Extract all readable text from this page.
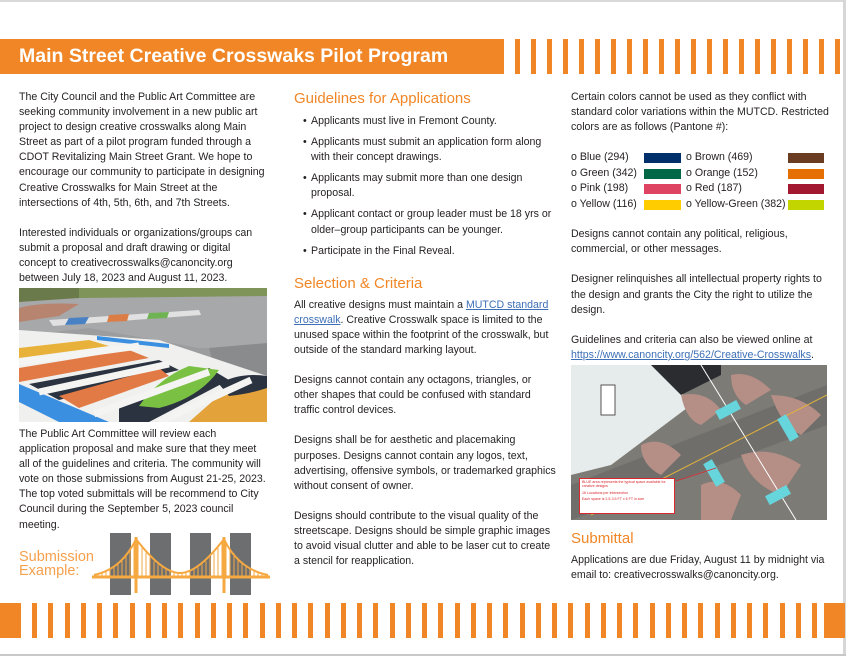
Main Street Creative Crosswaks Pilot Program

The City Council and the Public Art Committee are seeking community involvement in a new public art project to design creative crosswalks along Main Street as part of a pilot program funded through a CDOT Revitalizing Main Street Grant. We hope to encourage our community to participate in designing Creative Crosswalks for Main Street at the intersections of 4th, 5th, 6th, and 7th Streets.

Interested individuals or organizations/groups can submit a proposal and draft drawing or digital concept to creativecrosswalks@canoncity.org between July 18, 2023 and August 11, 2023.

The Public Art Committee will review each application proposal and make sure that they meet all of the guidelines and criteria. The community will vote on those submissions from August 21-25, 2023. The top voted submittals will be recommend to City Council during the September 5, 2023 council meeting.

Submission
Example:
Guidelines for Applications
• Applicants must live in Fremont County.
• Applicants must submit an application form along with their concept drawings.
• Applicants may submit more than one design proposal.
• Applicant contact or group leader must be 18 yrs or older–group participants can be younger.
• Participate in the Final Reveal.
Selection & Criteria

All creative designs must maintain a MUTCD standard crosswalk. Creative Crosswalk space is limited to the unused space within the footprint of the crosswalk, but outside of the standard marking layout.

Designs cannot contain any octagons, triangles, or other shapes that could be confused with standard traffic control devices.

Designs shall be for aesthetic and placemaking purposes. Designs cannot contain any logos, text, advertising, offensive symbols, or trademarked graphics without consent of owner.

Designs should contribute to the visual quality of the streetscape. Designs should be simple graphic images to avoid visual clutter and able to be laser cut to create a stencil for reapplication.

Certain colors cannot be used as they conflict with standard color variations within the MUTCD. Restricted colors are as follows (Pantone #):

o Blue (294)	o Brown (469)
o Green (342)	o Orange (152)
o Pink (198)	o Red (187)
o Yellow (116)	o Yellow-Green (382)

Designs cannot contain any political, religious, commercial, or other messages.

Designer relinquishes all intellectual property rights to the design and grants the City the right to utilize the design.

Guidelines and criteria can also be viewed online at
https://www.canoncity.org/562/Creative-Crosswalks.

BLUE area represents the typical space available for creative designs
16 Locations per intersection
Each space is 2.5-3.5 FT x 6 FT in size
Submittal

Applications are due Friday, August 11 by midnight via email to: creativecrosswalks@canoncity.org.
